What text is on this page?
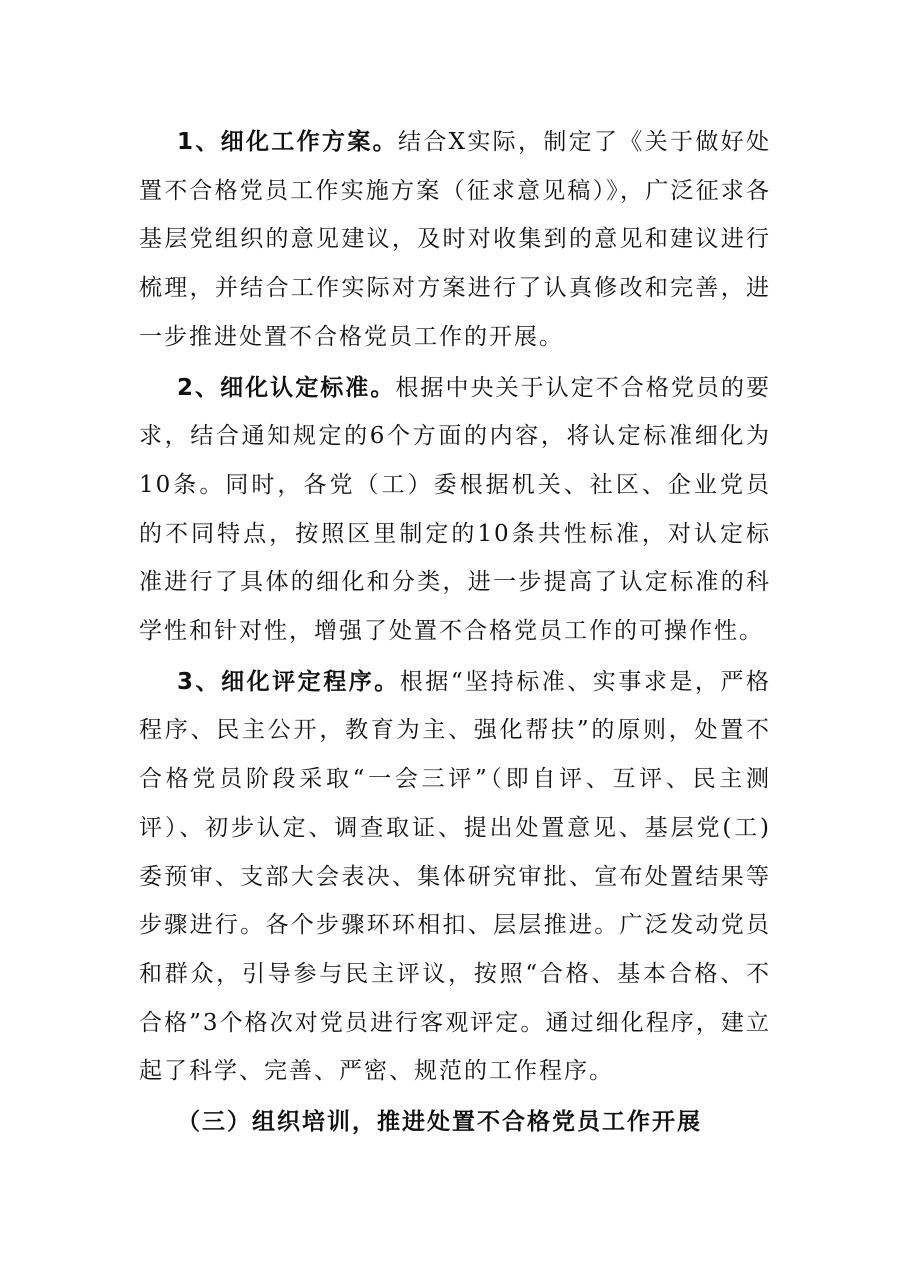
1、细化工作方案。结合X实际，制定了《关于做好处置不合格党员工作实施方案（征求意见稿）》，广泛征求各基层党组织的意见建议，及时对收集到的意见和建议进行梳理，并结合工作实际对方案进行了认真修改和完善，进一步推进处置不合格党员工作的开展。

2、细化认定标准。根据中央关于认定不合格党员的要求，结合通知规定的6个方面的内容，将认定标准细化为10条。同时，各党（工）委根据机关、社区、企业党员的不同特点，按照区里制定的10条共性标准，对认定标准进行了具体的细化和分类，进一步提高了认定标准的科学性和针对性，增强了处置不合格党员工作的可操作性。

3、细化评定程序。根据“坚持标准、实事求是，严格程序、民主公开，教育为主、强化帮扶”的原则，处置不合格党员阶段采取“一会三评”（即自评、互评、民主测评）、初步认定、调查取证、提出处置意见、基层党(工)委预审、支部大会表决、集体研究审批、宣布处置结果等步骤进行。各个步骤环环相扣、层层推进。广泛发动党员和群众，引导参与民主评议，按照“合格、基本合格、不合格”3个格次对党员进行客观评定。通过细化程序，建立起了科学、完善、严密、规范的工作程序。

（三）组织培训，推进处置不合格党员工作开展
